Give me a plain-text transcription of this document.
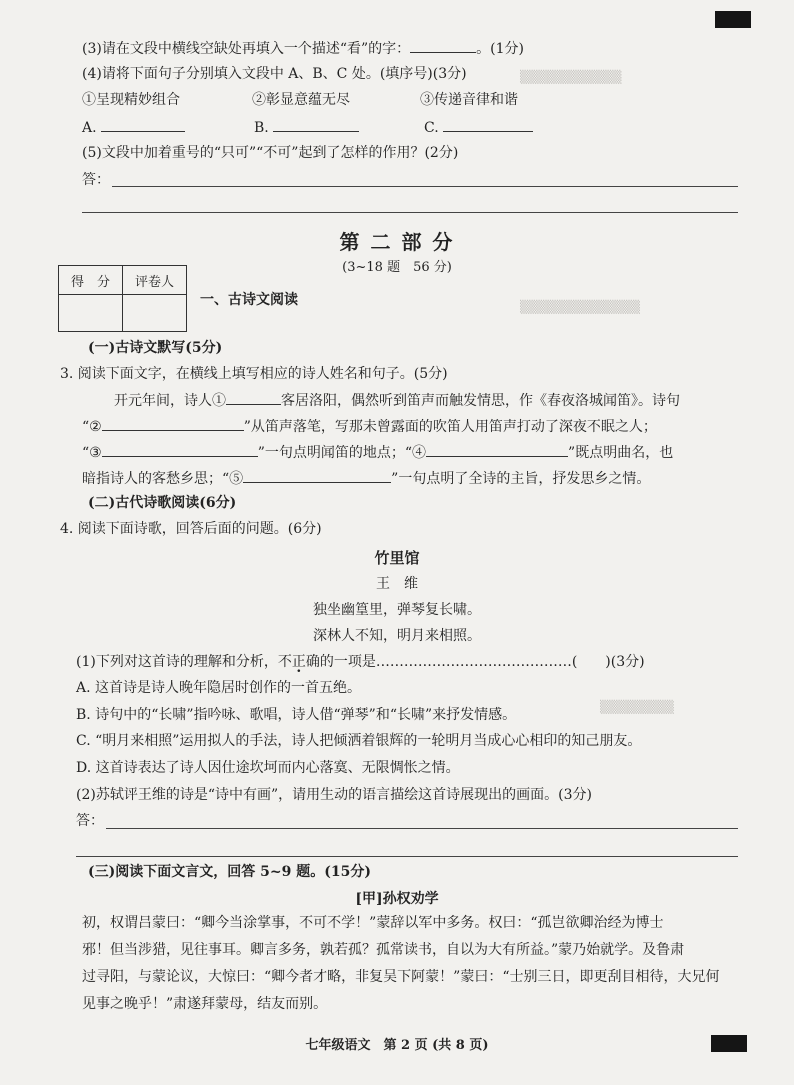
▒▒▒▒▒▒▒▒▒▒▒
▒▒▒▒▒▒▒▒▒▒▒▒▒
▒▒▒▒▒▒▒▒
(3)请在文段中横线空缺处再填入一个描述“看”的字：	。(1分)
(4)请将下面句子分别填入文段中 A、B、C 处。(填序号)(3分)
①呈现精妙组合	②彰显意蕴无尽	③传递音律和谐
A.	B.	C.
(5)文段中加着重号的“只可”“不可”起到了怎样的作用？(2分)
答：
第 二 部 分
(3~18 题　56 分)
得　分	评卷人

一、古诗文阅读
(一)古诗文默写(5分)
3. 阅读下面文字，在横线上填写相应的诗人姓名和句子。(5分)
开元年间，诗人①	客居洛阳，偶然听到笛声而触发情思，作《春夜洛城闻笛》。诗句
“②	”从笛声落笔，写那未曾露面的吹笛人用笛声打动了深夜不眠之人；
“③	”一句点明闻笛的地点；“④	”既点明曲名，也
暗指诗人的客愁乡思；“⑤	”一句点明了全诗的主旨，抒发思乡之情。
(二)古代诗歌阅读(6分)
4. 阅读下面诗歌，回答后面的问题。(6分)
竹里馆
王　维
独坐幽篁里，弹琴复长啸。
深林人不知，明月来相照。
(1)下列对这首诗的理解和分析，不正确的一项是……………………………………(　　)(3分)
A. 这首诗是诗人晚年隐居时创作的一首五绝。
B. 诗句中的“长啸”指吟咏、歌唱，诗人借“弹琴”和“长啸”来抒发情感。
C. “明月来相照”运用拟人的手法，诗人把倾洒着银辉的一轮明月当成心心相印的知己朋友。
D. 这首诗表达了诗人因仕途坎坷而内心落寞、无限惆怅之情。
(2)苏轼评王维的诗是“诗中有画”，请用生动的语言描绘这首诗展现出的画面。(3分)
答：
(三)阅读下面文言文，回答 5~9 题。(15分)
[甲]孙权劝学
初，权谓吕蒙曰：“卿今当涂掌事，不可不学！”蒙辞以军中多务。权曰：“孤岂欲卿治经为博士
邪！但当涉猎，见往事耳。卿言多务，孰若孤？孤常读书，自以为大有所益。”蒙乃始就学。及鲁肃
过寻阳，与蒙论议，大惊曰：“卿今者才略，非复吴下阿蒙！”蒙曰：“士别三日，即更刮目相待，大兄何
见事之晚乎！”肃遂拜蒙母，结友而别。
七年级语文　第 2 页 (共 8 页)
